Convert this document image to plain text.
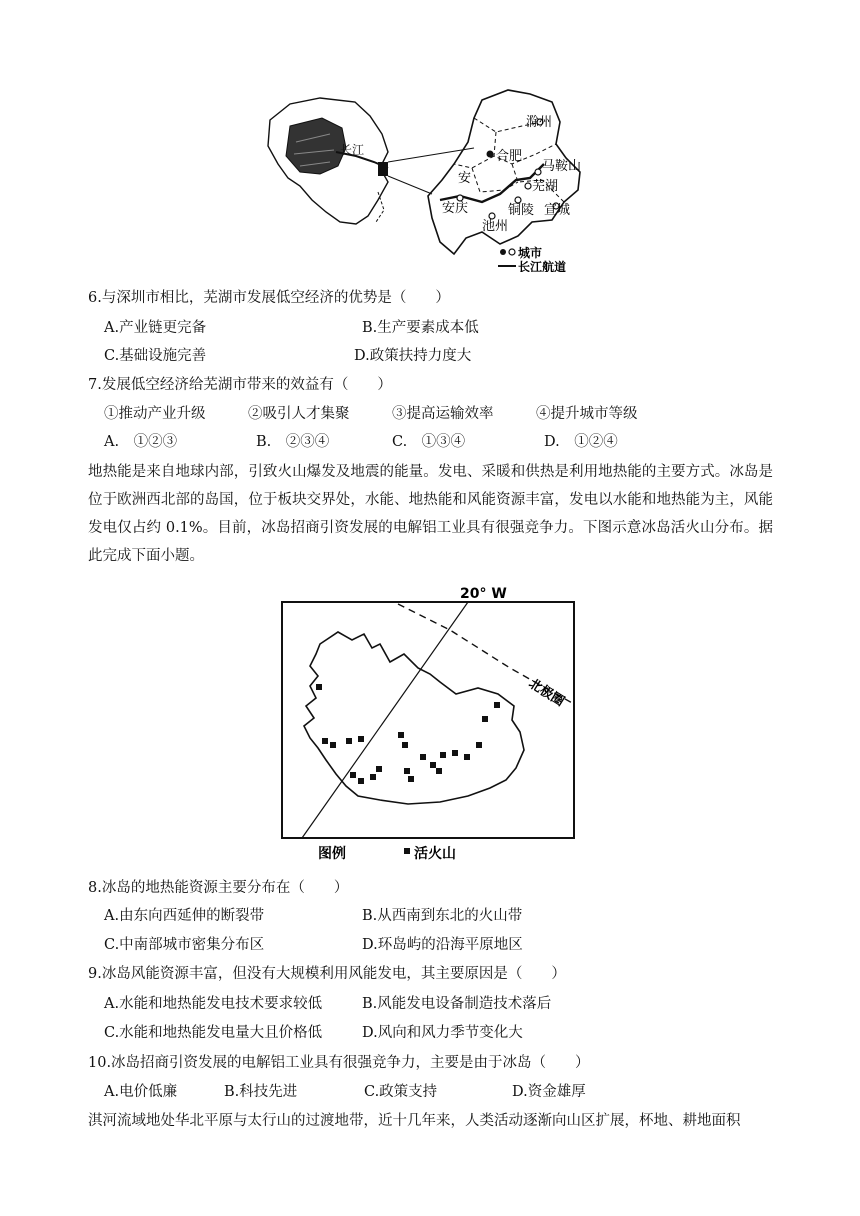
长江
滁州
合肥
马鞍山
芜湖
安庆	铜陵 宣城
池州
安
城市
长江航道
6.与深圳市相比，芜湖市发展低空经济的优势是（　　）
A.产业链更完备	B.生产要素成本低
C.基础设施完善	D.政策扶持力度大
7.发展低空经济给芜湖市带来的效益有（　　）
①推动产业升级	②吸引人才集聚	③提高运输效率	④提升城市等级
A.　①②③	B.　②③④	C.　①③④	D.　①②④
地热能是来自地球内部，引致火山爆发及地震的能量。发电、采暖和供热是利用地热能的主要方式。冰岛是位于欧洲西北部的岛国，位于板块交界处，水能、地热能和风能资源丰富，发电以水能和地热能为主，风能发电仅占约 0.1%。目前，冰岛招商引资发展的电解铝工业具有很强竞争力。下图示意冰岛活火山分布。据此完成下面小题。
20° W
北极圈
图例	活火山
8.冰岛的地热能资源主要分布在（　　）
A.由东向西延伸的断裂带	B.从西南到东北的火山带
C.中南部城市密集分布区	D.环岛屿的沿海平原地区
9.冰岛风能资源丰富，但没有大规模利用风能发电，其主要原因是（　　）
A.水能和地热能发电技术要求较低	B.风能发电设备制造技术落后
C.水能和地热能发电量大且价格低	D.风向和风力季节变化大
10.冰岛招商引资发展的电解铝工业具有很强竞争力，主要是由于冰岛（　　）
A.电价低廉	B.科技先进	C.政策支持	D.资金雄厚
淇河流域地处华北平原与太行山的过渡地带，近十几年来，人类活动逐渐向山区扩展，杯地、耕地面积
